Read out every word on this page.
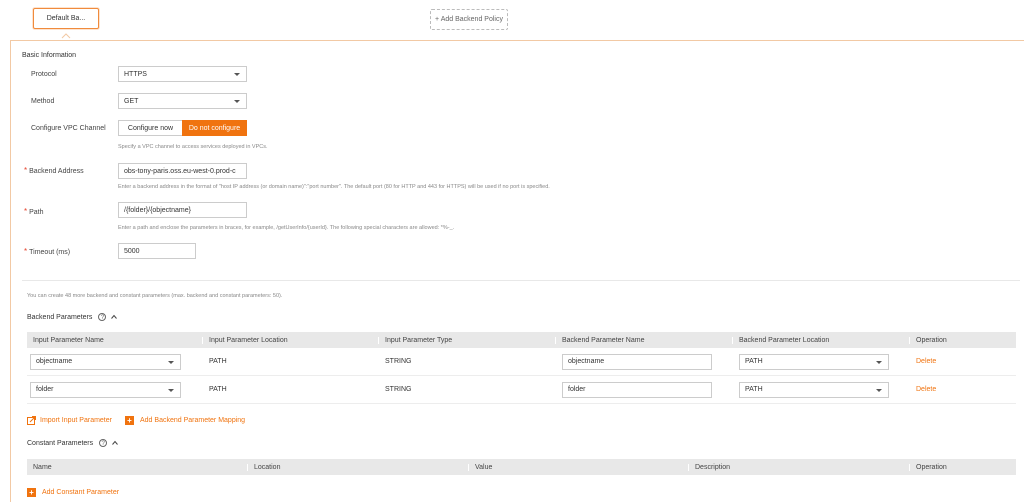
Default Ba...	+ Add Backend Policy
Basic Information
Protocol	HTTPS
Method	GET
Configure VPC Channel	Configure now	Do not configure
Specify a VPC channel to access services deployed in VPCs.
* Backend Address	obs-tony-paris.oss.eu-west-0.prod-c
Enter a backend address in the format of "host IP address (or domain name)":"port number". The default port (80 for HTTP and 443 for HTTPS) will be used if no port is specified.
* Path	/{folder}/{objectname}
Enter a path and enclose the parameters in braces, for example, /getUserInfo/{userId}. The following special characters are allowed: *%-_.
* Timeout (ms)	5000
You can create 48 more backend and constant parameters (max. backend and constant parameters: 50).
Backend Parameters	?
Input Parameter Name	Input Parameter Location	Input Parameter Type	Backend Parameter Name	Backend Parameter Location	Operation
objectname	PATH	STRING	objectname	PATH	Delete
folder	PATH	STRING	folder	PATH	Delete
Import Input Parameter +	Add Backend Parameter Mapping
Constant Parameters	?
Name	Location	Value	Description	Operation
+	Add Constant Parameter
